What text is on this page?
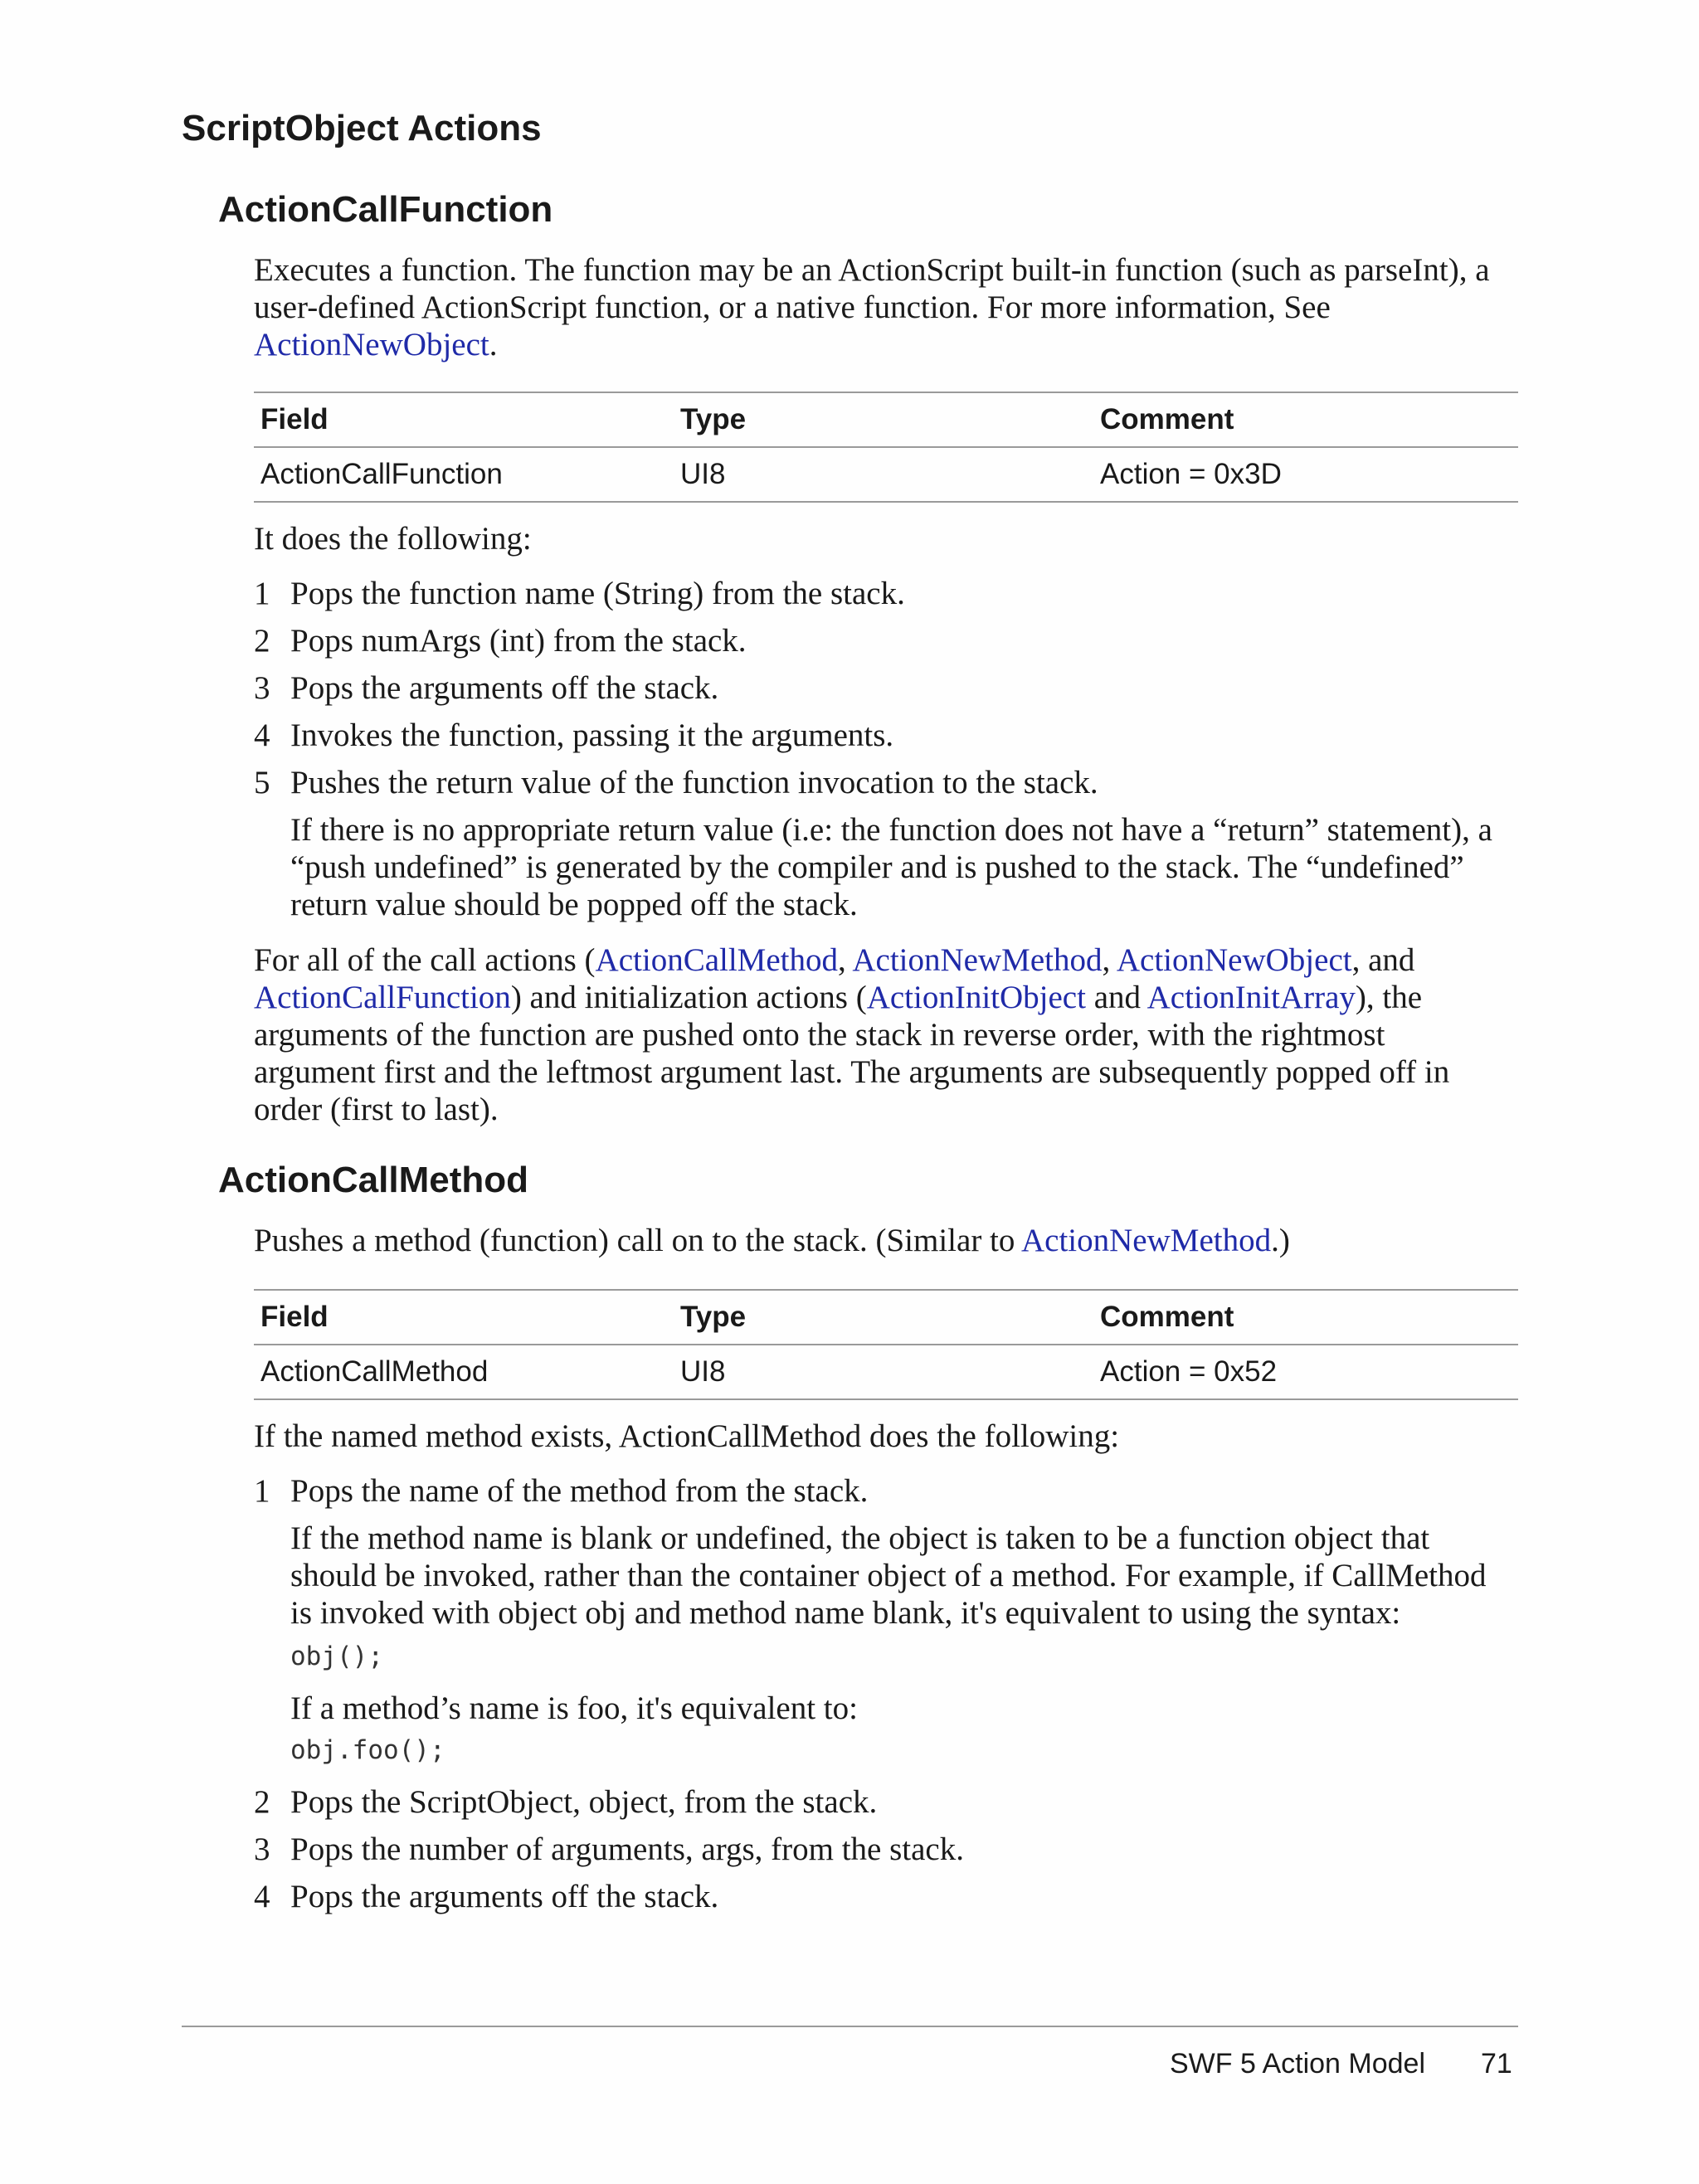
ScriptObject Actions
ActionCallFunction

Executes a function. The function may be an ActionScript built-in function (such as parseInt), a

user-defined ActionScript function, or a native function. For more information, See

ActionNewObject.

Field	Type	Comment
ActionCallFunction	UI8	Action = 0x3D

It does the following:

1 Pops the function name (String) from the stack.

2 Pops numArgs (int) from the stack.

3 Pops the arguments off the stack.

4 Invokes the function, passing it the arguments.

5 Pushes the return value of the function invocation to the stack.

If there is no appropriate return value (i.e: the function does not have a “return” statement), a

“push undefined” is generated by the compiler and is pushed to the stack. The “undefined”

return value should be popped off the stack.

For all of the call actions (ActionCallMethod, ActionNewMethod, ActionNewObject, and

ActionCallFunction) and initialization actions (ActionInitObject and ActionInitArray), the

arguments of the function are pushed onto the stack in reverse order, with the rightmost

argument first and the leftmost argument last. The arguments are subsequently popped off in

order (first to last).

ActionCallMethod

Pushes a method (function) call on to the stack. (Similar to ActionNewMethod.)

Field	Type	Comment
ActionCallMethod	UI8	Action = 0x52

If the named method exists, ActionCallMethod does the following:

1 Pops the name of the method from the stack.

If the method name is blank or undefined, the object is taken to be a function object that

should be invoked, rather than the container object of a method. For example, if CallMethod

is invoked with object obj and method name blank, it's equivalent to using the syntax:

obj();

If a method’s name is foo, it's equivalent to:

obj.foo();
2 Pops the ScriptObject, object, from the stack.

3 Pops the number of arguments, args, from the stack.

4 Pops the arguments off the stack.

SWF 5 Action Model 71
